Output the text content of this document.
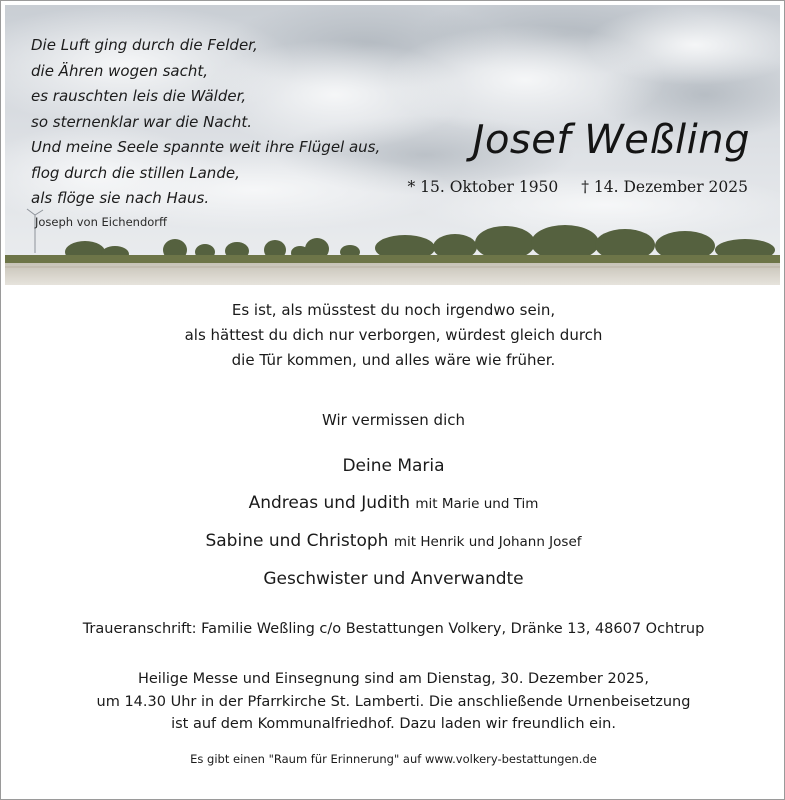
Die Luft ging durch die Felder,
die Ähren wogen sacht,
es rauschten leis die Wälder,
so sternenklar war die Nacht.
Und meine Seele spannte weit ihre Flügel aus,
flog durch die stillen Lande,
als flöge sie nach Haus.
Joseph von Eichendorff
Josef Weßling
* 15. Oktober 1950 † 14. Dezember 2025
Es ist, als müsstest du noch irgendwo sein,
als hättest du dich nur verborgen, würdest gleich durch
die Tür kommen, und alles wäre wie früher.
Wir vermissen dich
Deine Maria
Andreas und Judith mit Marie und Tim
Sabine und Christoph mit Henrik und Johann Josef
Geschwister und Anverwandte
Traueranschrift: Familie Weßling c/o Bestattungen Volkery, Dränke 13, 48607 Ochtrup
Heilige Messe und Einsegnung sind am Dienstag, 30. Dezember 2025,
um 14.30 Uhr in der Pfarrkirche St. Lamberti. Die anschließende Urnenbeisetzung
ist auf dem Kommunalfriedhof. Dazu laden wir freundlich ein.
Es gibt einen "Raum für Erinnerung" auf www.volkery-bestattungen.de
